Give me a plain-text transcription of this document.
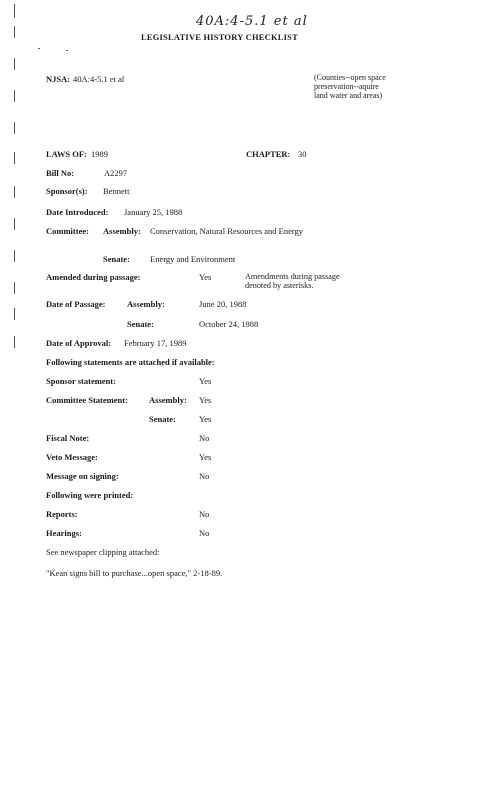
40A:4-5.1 et al
LEGISLATIVE HISTORY CHECKLIST
NJSA: 40A:4-5.1 et al	(Counties--open space preservation--aquire land water and areas)
LAWS OF: 1989	CHAPTER: 30
Bill No:	A2297
Sponsor(s): Bennett
Date Introduced: January 25, 1988
Committee: Assembly: Conservation, Natural Resources and Energy
Senate: Energy and Environment
Amended during passage:	Yes	Amendments during passage denoted by asterisks.
Date of Passage:	Assembly:	June 20, 1988
Senate:	October 24, 1988
Date of Approval: February 17, 1989
Following statements are attached if available:
Sponsor statement:	Yes
Committee Statement: Assembly: Yes
Senate:	Yes
Fiscal Note:	No
Veto Message:	Yes
Message on signing:	No
Following were printed:
Reports:	No
Hearings:	No
See newspaper clipping attached:
"Kean signs bill to purchase...open space," 2-18-89.
